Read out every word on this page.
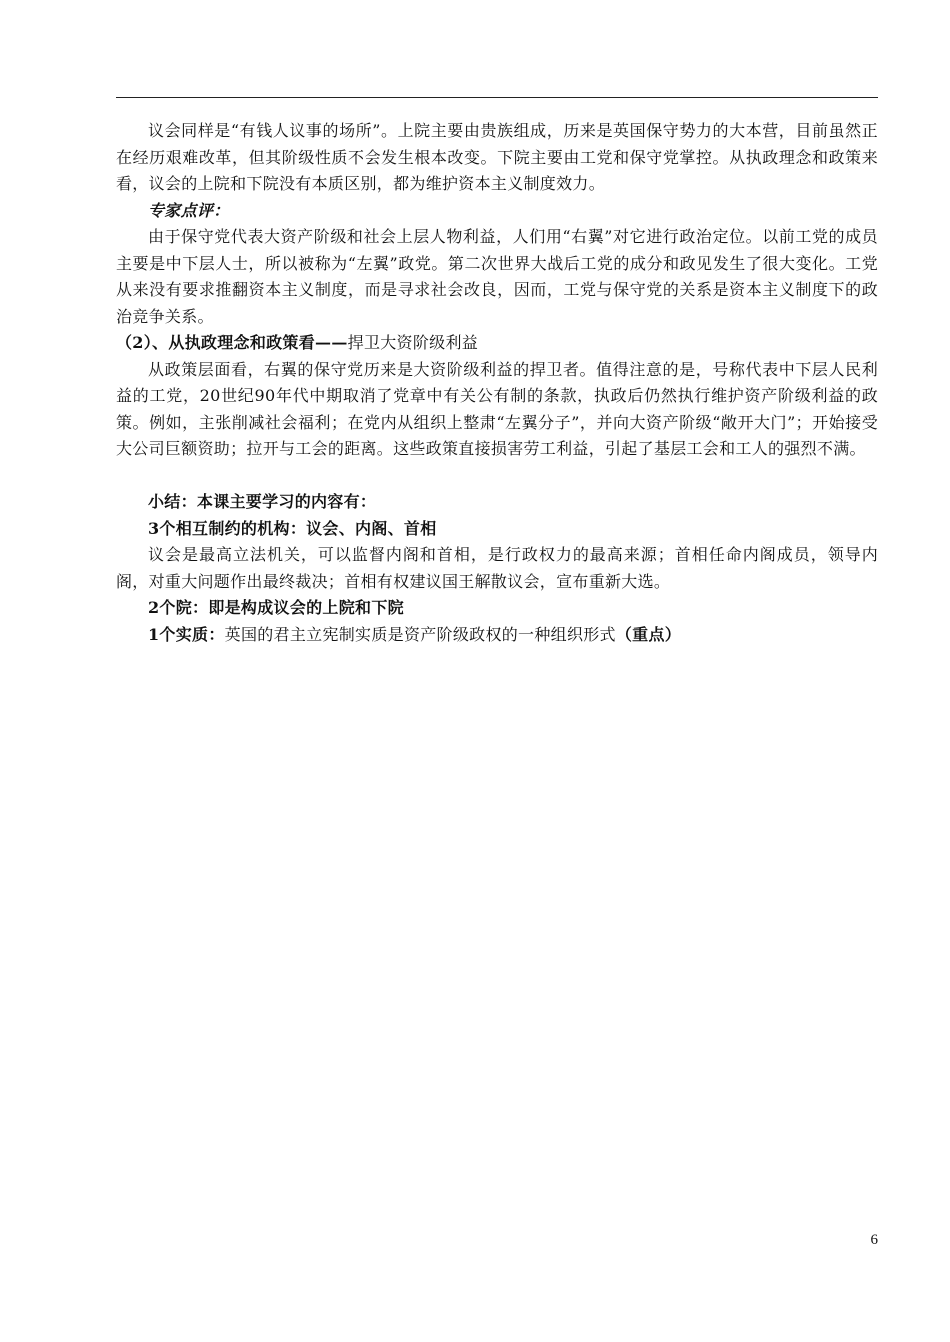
议会同样是“有钱人议事的场所”。上院主要由贵族组成，历来是英国保守势力的大本营，目前虽然正在经历艰难改革，但其阶级性质不会发生根本改变。下院主要由工党和保守党掌控。从执政理念和政策来看，议会的上院和下院没有本质区别，都为维护资本主义制度效力。

专家点评：

由于保守党代表大资产阶级和社会上层人物利益，人们用“右翼”对它进行政治定位。以前工党的成员主要是中下层人士，所以被称为“左翼”政党。第二次世界大战后工党的成分和政见发生了很大变化。工党从来没有要求推翻资本主义制度，而是寻求社会改良，因而，工党与保守党的关系是资本主义制度下的政治竞争关系。

（2）、从执政理念和政策看——捍卫大资阶级利益

从政策层面看，右翼的保守党历来是大资阶级利益的捍卫者。值得注意的是，号称代表中下层人民利益的工党，20世纪90年代中期取消了党章中有关公有制的条款，执政后仍然执行维护资产阶级利益的政策。例如，主张削减社会福利；在党内从组织上整肃“左翼分子”，并向大资产阶级“敞开大门”；开始接受大公司巨额资助；拉开与工会的距离。这些政策直接损害劳工利益，引起了基层工会和工人的强烈不满。

小结：本课主要学习的内容有：

3个相互制约的机构：议会、内阁、首相

议会是最高立法机关，可以监督内阁和首相，是行政权力的最高来源；首相任命内阁成员，领导内阁，对重大问题作出最终裁决；首相有权建议国王解散议会，宣布重新大选。

2个院：即是构成议会的上院和下院

1个实质：英国的君主立宪制实质是资产阶级政权的一种组织形式（重点）

6
